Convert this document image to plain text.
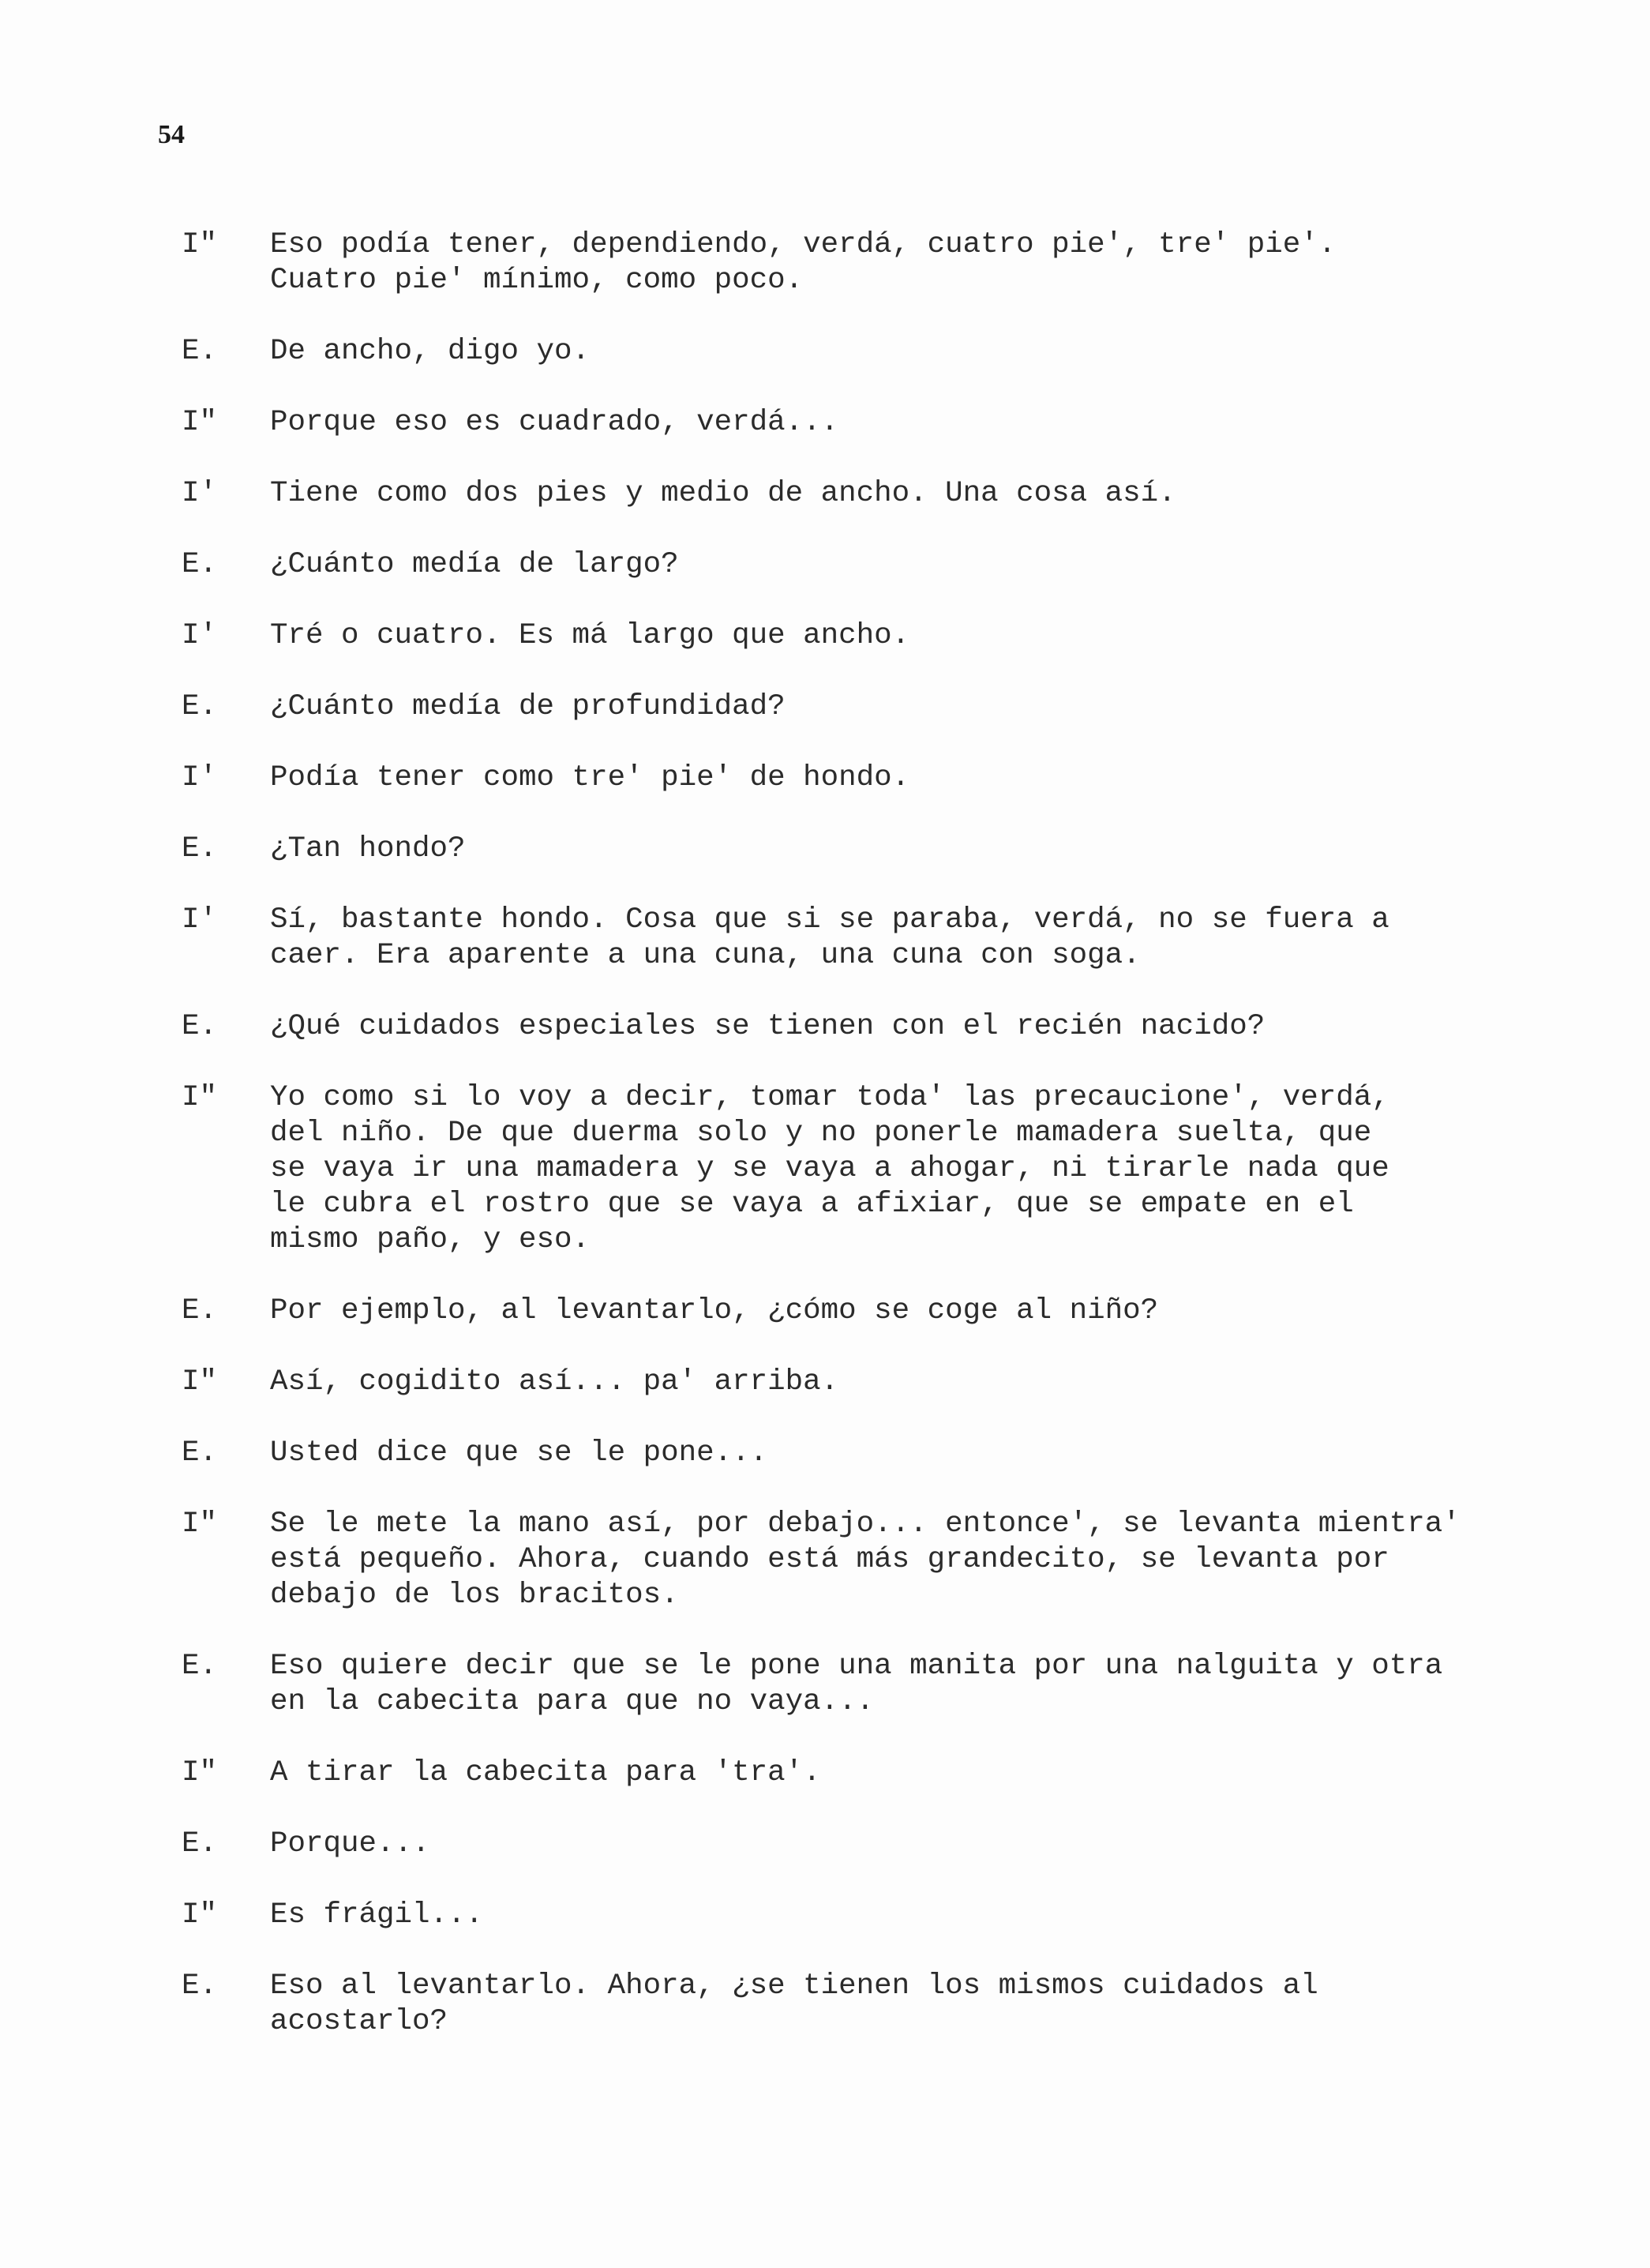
54
I"	Eso podía tener, dependiendo, verdá, cuatro pie', tre' pie'.
Cuatro pie' mínimo, como poco.
E.	De ancho, digo yo.
I"	Porque eso es cuadrado, verdá...
I'	Tiene como dos pies y medio de ancho. Una cosa así.
E.	¿Cuánto medía de largo?
I'	Tré o cuatro. Es má largo que ancho.
E.	¿Cuánto medía de profundidad?
I'	Podía tener como tre' pie' de hondo.
E.	¿Tan hondo?
I'	Sí, bastante hondo. Cosa que si se paraba, verdá, no se fuera a
caer. Era aparente a una cuna, una cuna con soga.
E.	¿Qué cuidados especiales se tienen con el recién nacido?
I"	Yo como si lo voy a decir, tomar toda' las precaucione', verdá,
del niño. De que duerma solo y no ponerle mamadera suelta, que
se vaya ir una mamadera y se vaya a ahogar, ni tirarle nada que
le cubra el rostro que se vaya a afixiar, que se empate en el
mismo paño, y eso.
E.	Por ejemplo, al levantarlo, ¿cómo se coge al niño?
I"	Así, cogidito así... pa' arriba.
E.	Usted dice que se le pone...
I"	Se le mete la mano así, por debajo... entonce', se levanta mientra'
está pequeño. Ahora, cuando está más grandecito, se levanta por
debajo de los bracitos.
E.	Eso quiere decir que se le pone una manita por una nalguita y otra
en la cabecita para que no vaya...
I"	A tirar la cabecita para 'tra'.
E.	Porque...
I"	Es frágil...
E.	Eso al levantarlo. Ahora, ¿se tienen los mismos cuidados al
acostarlo?
